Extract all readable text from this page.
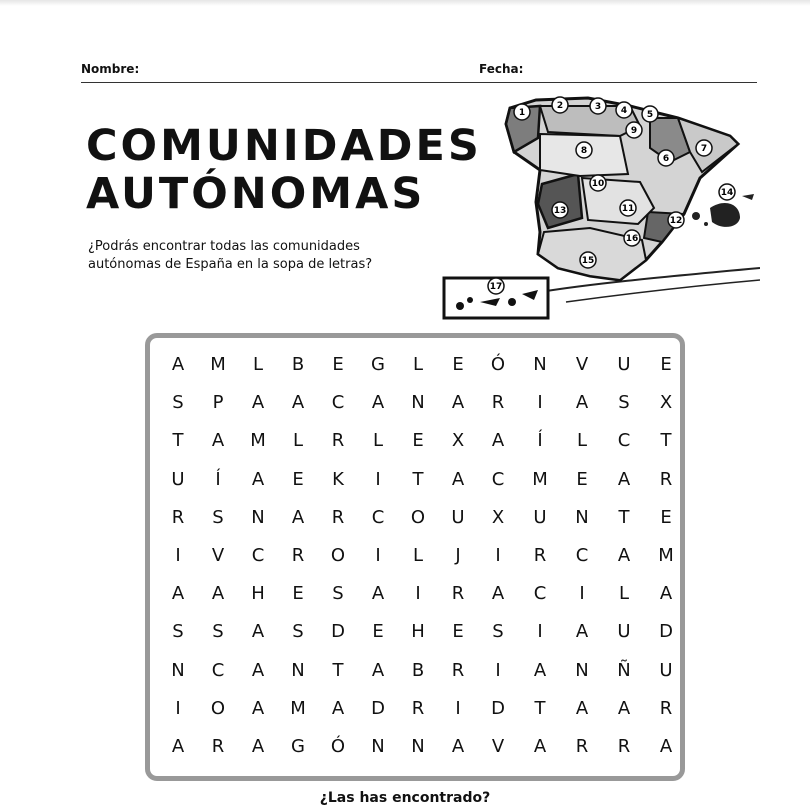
Nombre:	Fecha:
COMUNIDADES
AUTÓNOMAS
¿Podrás encontrar todas las comunidades autónomas de España en la sopa de letras?
1
2	3 4 5
6
7
8
9
10
11
12
13
14
15
16
17
A	M	L	B	E	G	L	E	Ó	N	V	U	E
S	P	A	A	C	A	N	A	R	I	A	S	X
T	A	M	L	R	L	E	X	A	Í	L	C	T
U	Í	A	E	K	I	T	A	C	M	E	A	R
R	S	N	A	R	C	O	U	X	U	N	T	E
I	V	C	R	O	I	L	J	I	R	C	A	M
A	A	H	E	S	A	I	R	A	C	I	L	A
S	S	A	S	D	E	H	E	S	I	A	U	D
N	C	A	N	T	A	B	R	I	A	N	Ñ	U
I	O	A	M	A	D	R	I	D	T	A	A	R
A	R	A	G	Ó	N	N	A	V	A	R	R	A
¿Las has encontrado?
